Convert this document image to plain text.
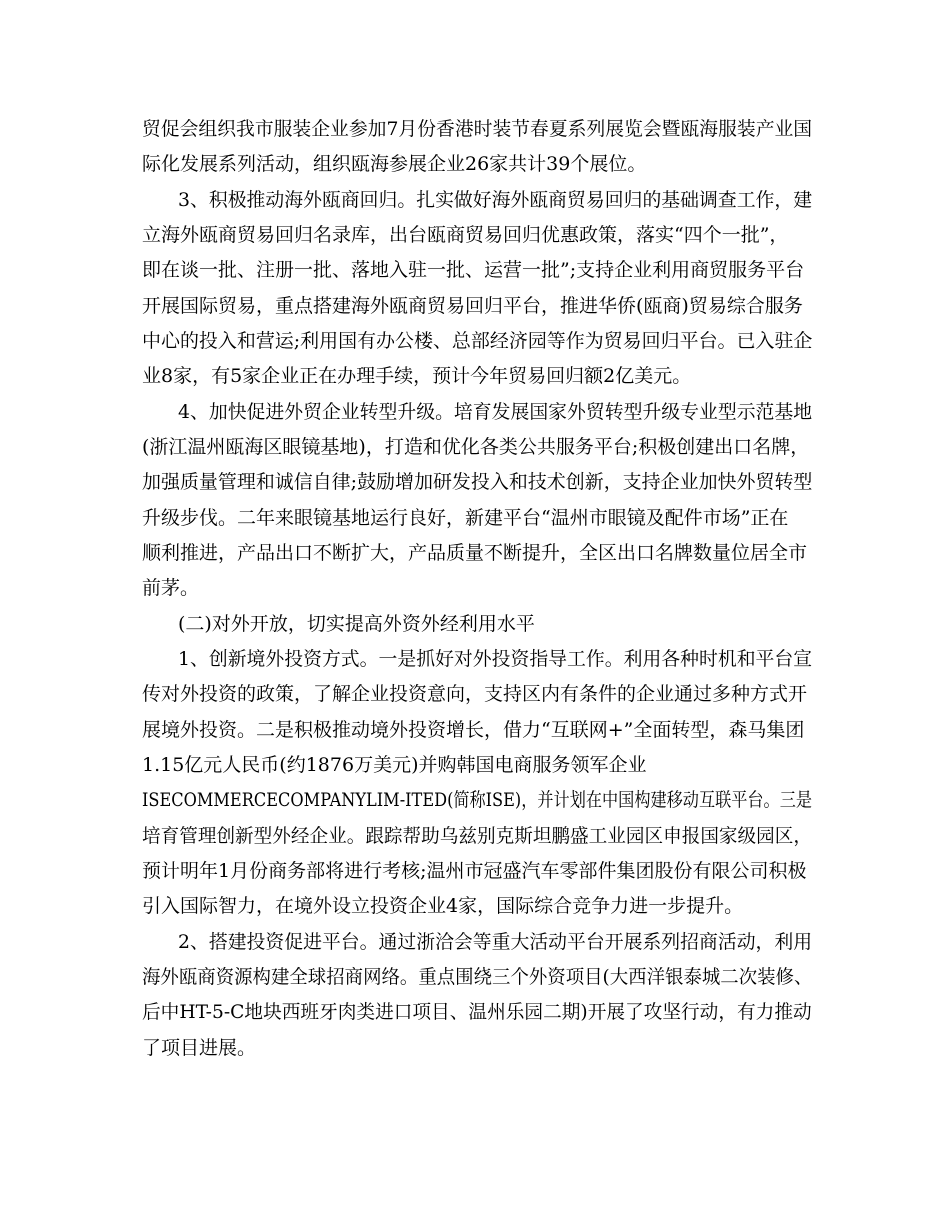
贸促会组织我市服装企业参加7月份香港时装节春夏系列展览会暨瓯海服装产业国
际化发展系列活动，组织瓯海参展企业26家共计39个展位。
3、积极推动海外瓯商回归。扎实做好海外瓯商贸易回归的基础调查工作，建
立海外瓯商贸易回归名录库，出台瓯商贸易回归优惠政策，落实“四个一批”，
即在谈一批、注册一批、落地入驻一批、运营一批”;支持企业利用商贸服务平台
开展国际贸易，重点搭建海外瓯商贸易回归平台，推进华侨(瓯商)贸易综合服务
中心的投入和营运;利用国有办公楼、总部经济园等作为贸易回归平台。已入驻企
业8家，有5家企业正在办理手续，预计今年贸易回归额2亿美元。
4、加快促进外贸企业转型升级。培育发展国家外贸转型升级专业型示范基地
(浙江温州瓯海区眼镜基地)，打造和优化各类公共服务平台;积极创建出口名牌，
加强质量管理和诚信自律;鼓励增加研发投入和技术创新，支持企业加快外贸转型
升级步伐。二年来眼镜基地运行良好，新建平台“温州市眼镜及配件市场”正在
顺利推进，产品出口不断扩大，产品质量不断提升，全区出口名牌数量位居全市
前茅。
(二)对外开放，切实提高外资外经利用水平
1、创新境外投资方式。一是抓好对外投资指导工作。利用各种时机和平台宣
传对外投资的政策，了解企业投资意向，支持区内有条件的企业通过多种方式开
展境外投资。二是积极推动境外投资增长，借力“互联网+”全面转型，森马集团
1.15亿元人民币(约1876万美元)并购韩国电商服务领军企业
ISECOMMERCECOMPANYLIM-ITED(简称ISE)，并计划在中国构建移动互联平台。三是
培育管理创新型外经企业。跟踪帮助乌兹别克斯坦鹏盛工业园区申报国家级园区，
预计明年1月份商务部将进行考核;温州市冠盛汽车零部件集团股份有限公司积极
引入国际智力，在境外设立投资企业4家，国际综合竞争力进一步提升。
2、搭建投资促进平台。通过浙洽会等重大活动平台开展系列招商活动，利用
海外瓯商资源构建全球招商网络。重点围绕三个外资项目(大西洋银泰城二次装修、
后中HT-5-C地块西班牙肉类进口项目、温州乐园二期)开展了攻坚行动，有力推动
了项目进展。
